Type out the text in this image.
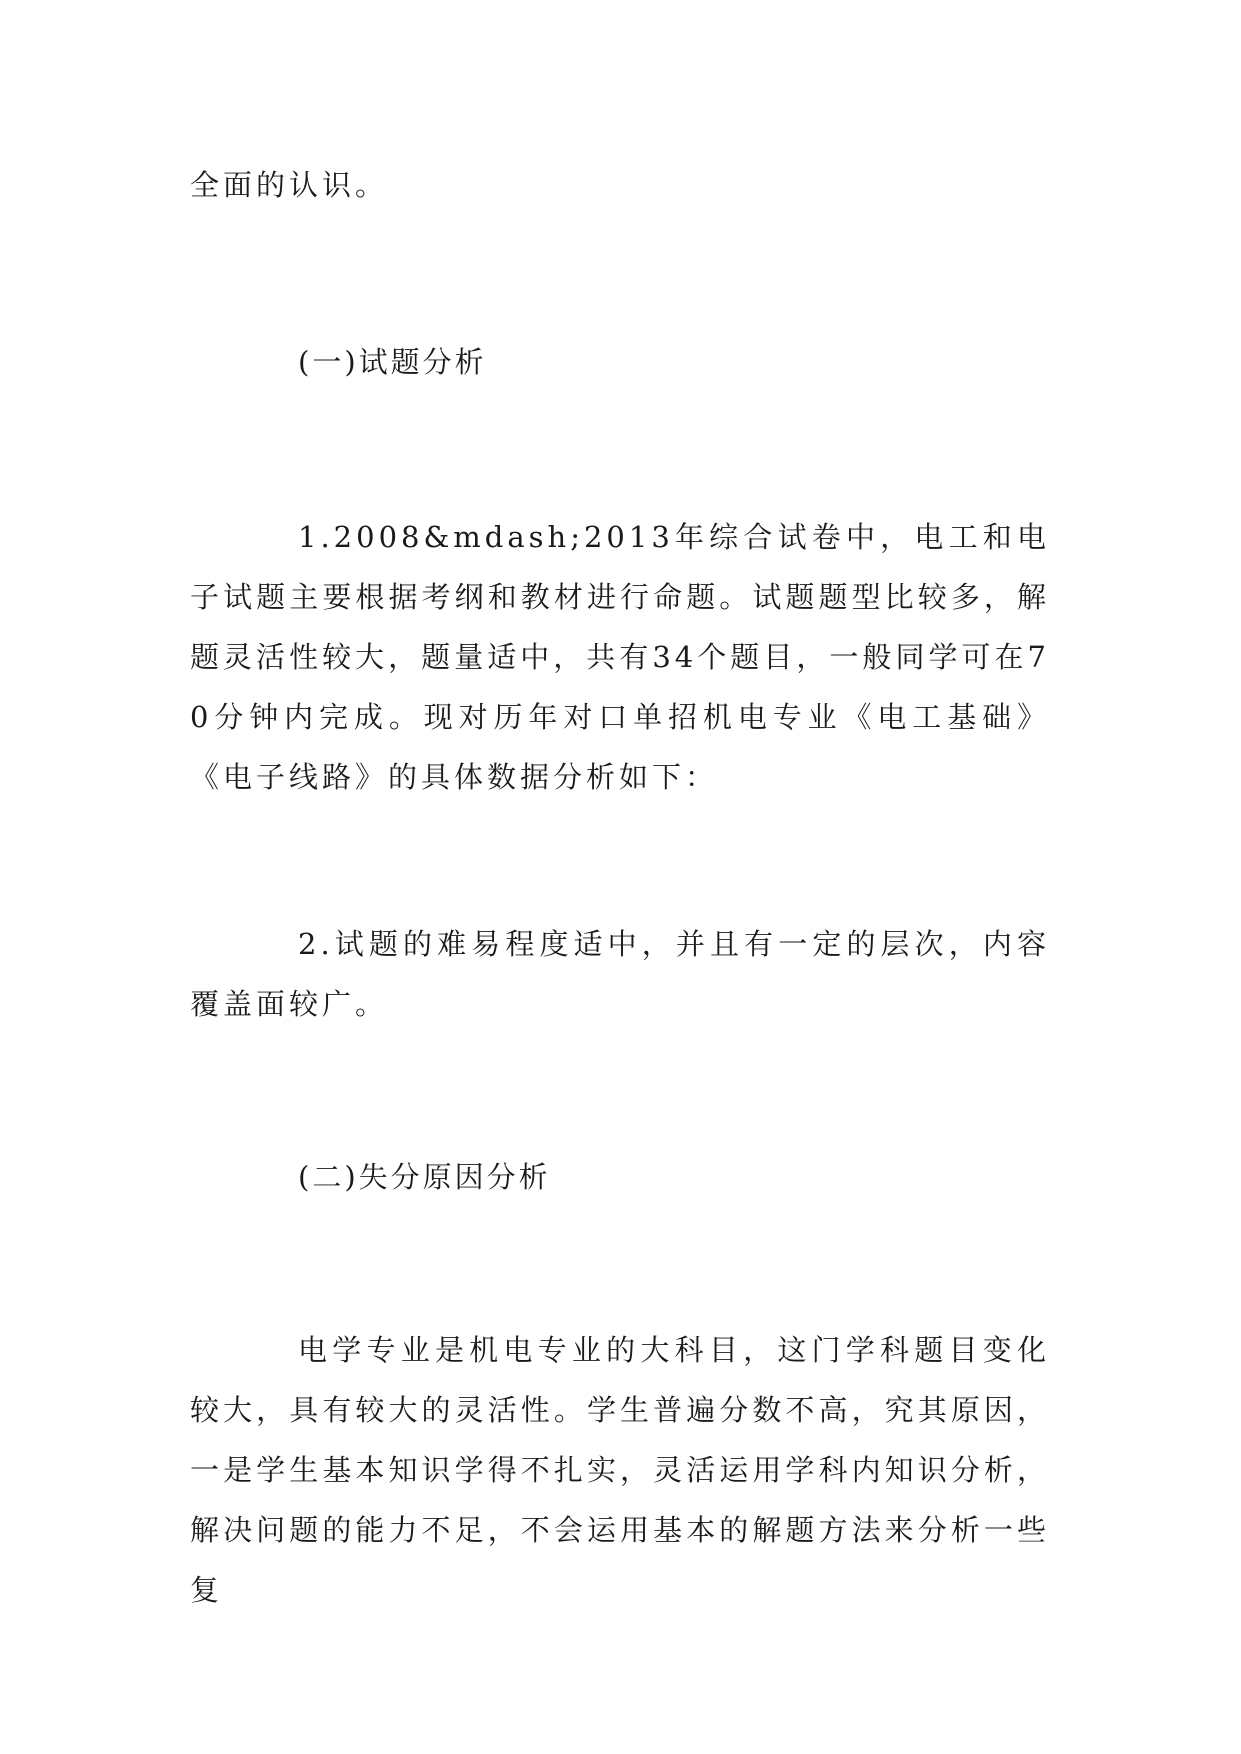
全面的认识。

(一)试题分析

1.2008&mdash;2013年综合试卷中，电工和电子试题主要根据考纲和教材进行命题。试题题型比较多，解题灵活性较大，题量适中，共有34个题目，一般同学可在70分钟内完成。现对历年对口单招机电专业《电工基础》《电子线路》的具体数据分析如下：

2.试题的难易程度适中，并且有一定的层次，内容覆盖面较广。

(二)失分原因分析

电学专业是机电专业的大科目，这门学科题目变化较大，具有较大的灵活性。学生普遍分数不高，究其原因，一是学生基本知识学得不扎实，灵活运用学科内知识分析，解决问题的能力不足，不会运用基本的解题方法来分析一些复
